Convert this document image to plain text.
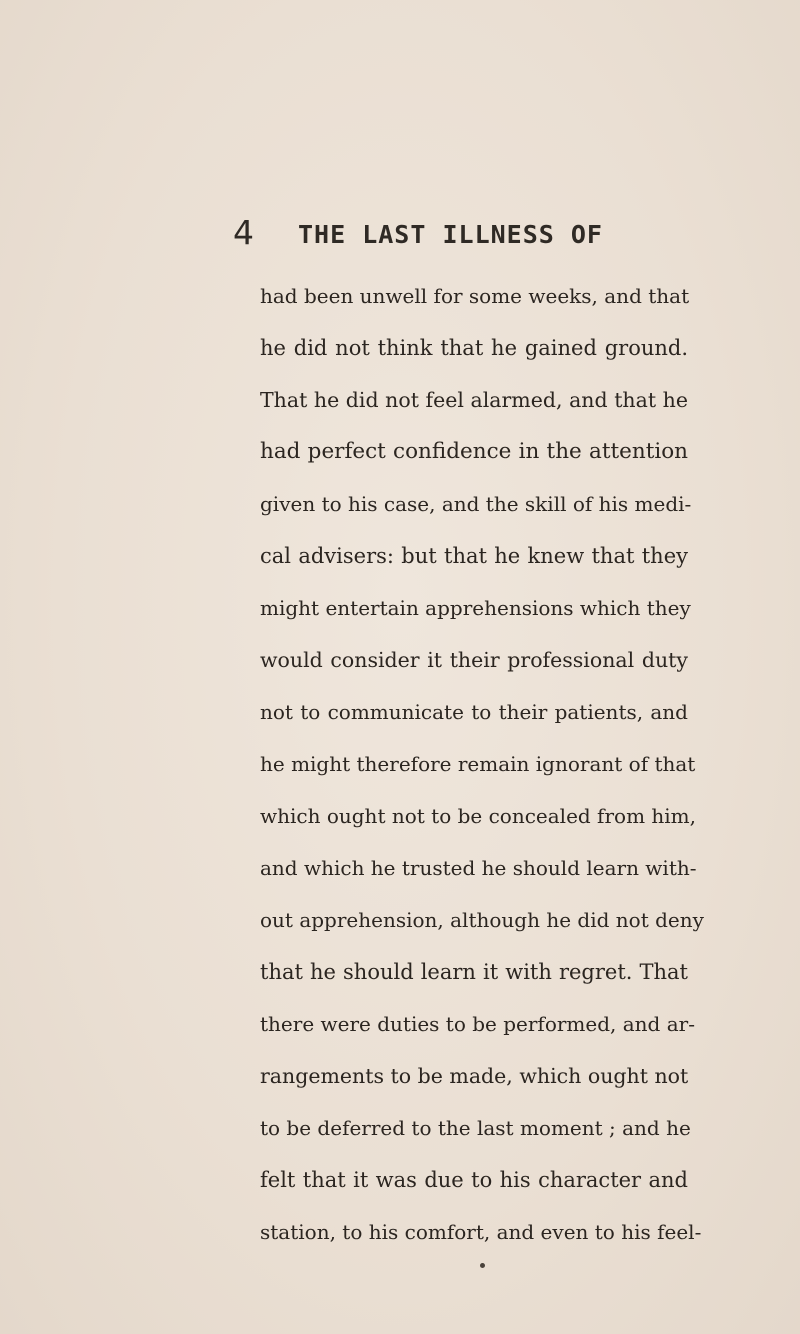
4 THE LAST ILLNESS OF
had been unwell for some weeks, and that
he did not think that he gained ground.
That he did not feel alarmed, and that he
had perfect confidence in the attention
given to his case, and the skill of his medi-
cal advisers: but that he knew that they
might entertain apprehensions which they
would consider it their professional duty
not to communicate to their patients, and
he might therefore remain ignorant of that
which ought not to be concealed from him,
and which he trusted he should learn with-
out apprehension, although he did not deny
that he should learn it with regret. That
there were duties to be performed, and ar-
rangements to be made, which ought not
to be deferred to the last moment ; and he
felt that it was due to his character and
station, to his comfort, and even to his feel-
